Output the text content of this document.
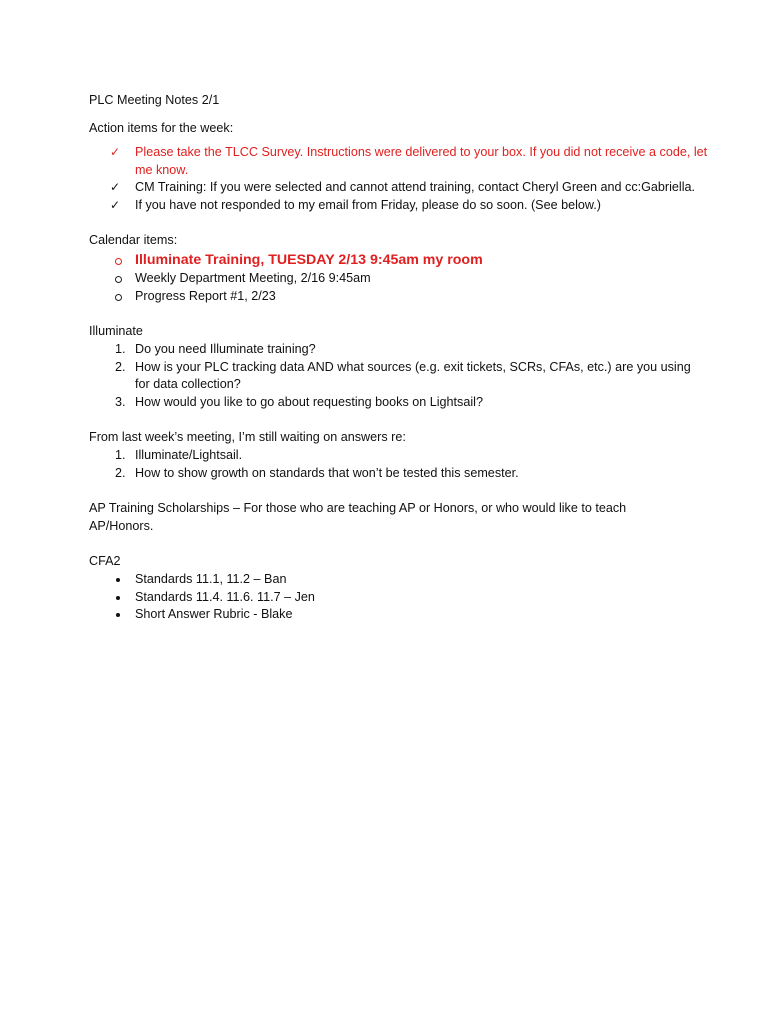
PLC Meeting Notes 2/1
Action items for the week:
✓	Please take the TLCC Survey. Instructions were delivered to your box. If you did not receive a code, let me know.
✓	CM Training: If you were selected and cannot attend training, contact Cheryl Green and cc:Gabriella.
✓	If you have not responded to my email from Friday, please do so soon. (See below.)
Calendar items:
Illuminate Training, TUESDAY 2/13 9:45am my room
Weekly Department Meeting, 2/16 9:45am
Progress Report #1, 2/23
Illuminate
1. Do you need Illuminate training?
2. How is your PLC tracking data AND what sources (e.g. exit tickets, SCRs, CFAs, etc.) are you using for data collection?
3. How would you like to go about requesting books on Lightsail?
From last week’s meeting, I’m still waiting on answers re:
1. Illuminate/Lightsail.
2. How to show growth on standards that won’t be tested this semester.

AP Training Scholarships – For those who are teaching AP or Honors, or who would like to teach AP/Honors.

CFA2
Standards 11.1, 11.2 – Ban
Standards 11.4. 11.6. 11.7 – Jen
Short Answer Rubric - Blake
